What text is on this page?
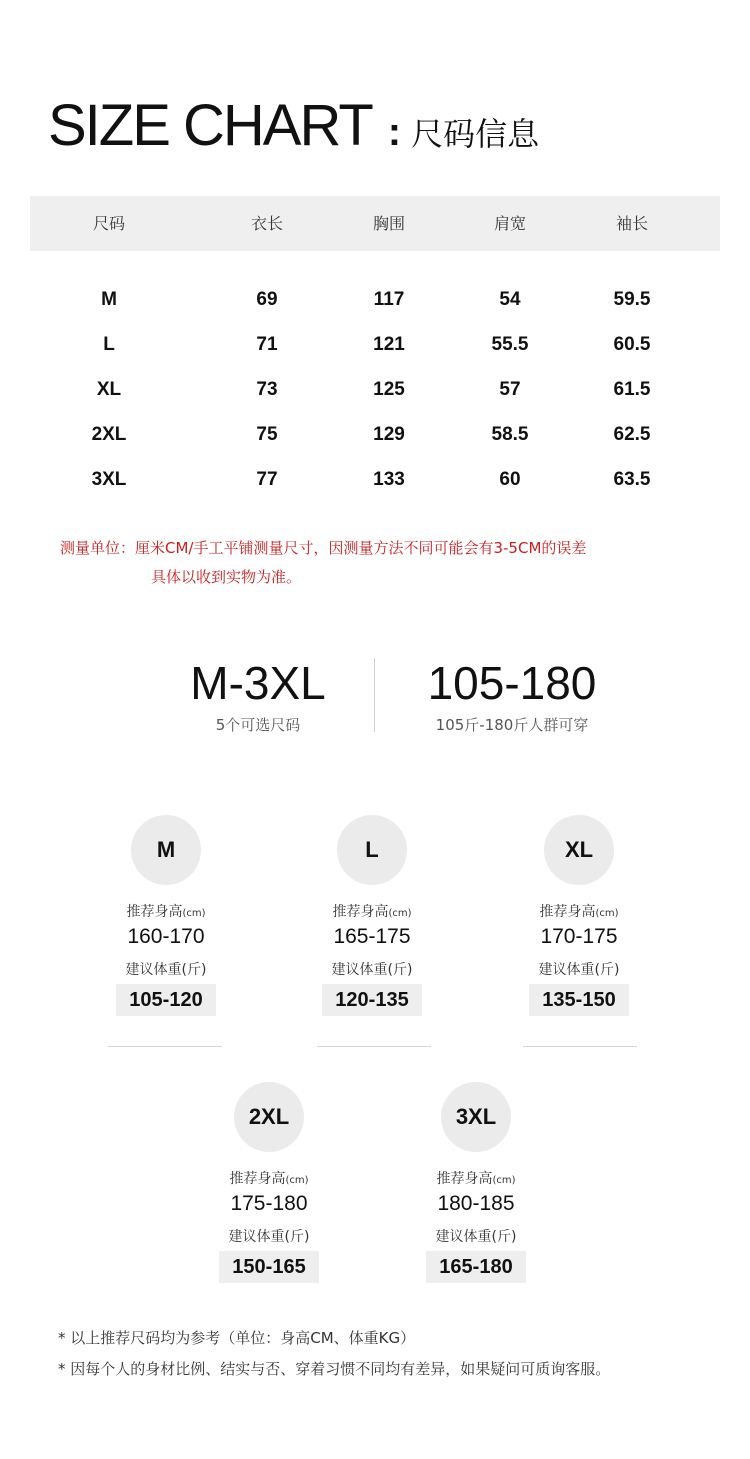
SIZE CHART : 尺码信息
尺码	衣长	胸围	肩宽	袖长
M	69	117	54	59.5
L	71	121	55.5	60.5
XL	73	125	57	61.5
2XL	75	129	58.5	62.5
3XL	77	133	60	63.5
测量单位：厘米CM/手工平铺测量尺寸，因测量方法不同可能会有3-5CM的误差
具体以收到实物为准。
M-3XL
5个可选尺码
105-180
105斤-180斤人群可穿
M
推荐身高(cm)
160-170
建议体重(斤)
105-120
L
推荐身高(cm)
165-175
建议体重(斤)
120-135
XL
推荐身高(cm)
170-175
建议体重(斤)
135-150
2XL
推荐身高(cm)
175-180
建议体重(斤)
150-165
3XL
推荐身高(cm)
180-185
建议体重(斤)
165-180
* 以上推荐尺码均为参考（单位：身高CM、体重KG）
* 因每个人的身材比例、结实与否、穿着习惯不同均有差异，如果疑问可质询客服。
